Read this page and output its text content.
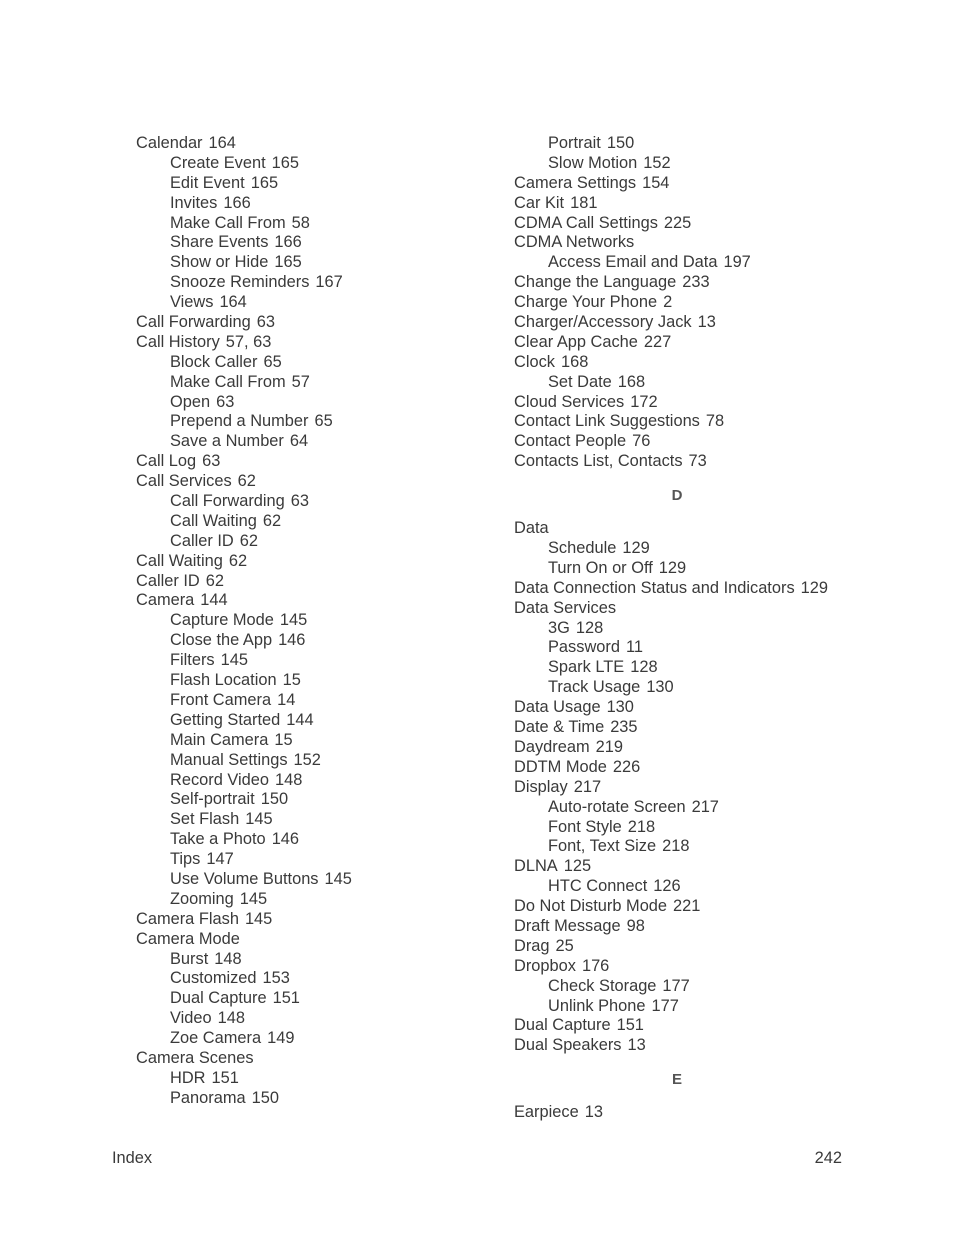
Calendar 164
Create Event 165
Edit Event 165
Invites 166
Make Call From 58
Share Events 166
Show or Hide 165
Snooze Reminders 167
Views 164
Call Forwarding 63
Call History 57, 63
Block Caller 65
Make Call From 57
Open 63
Prepend a Number 65
Save a Number 64
Call Log 63
Call Services 62
Call Forwarding 63
Call Waiting 62
Caller ID 62
Call Waiting 62
Caller ID 62
Camera 144
Capture Mode 145
Close the App 146
Filters 145
Flash Location 15
Front Camera 14
Getting Started 144
Main Camera 15
Manual Settings 152
Record Video 148
Self-portrait 150
Set Flash 145
Take a Photo 146
Tips 147
Use Volume Buttons 145
Zooming 145
Camera Flash 145
Camera Mode
Burst 148
Customized 153
Dual Capture 151
Video 148
Zoe Camera 149
Camera Scenes
HDR 151
Panorama 150
Portrait 150
Slow Motion 152
Camera Settings 154
Car Kit 181
CDMA Call Settings 225
CDMA Networks
Access Email and Data 197
Change the Language 233
Charge Your Phone 2
Charger/Accessory Jack 13
Clear App Cache 227
Clock 168
Set Date 168
Cloud Services 172
Contact Link Suggestions 78
Contact People 76
Contacts List, Contacts 73
D
Data
Schedule 129
Turn On or Off 129
Data Connection Status and Indicators 129
Data Services
3G 128
Password 11
Spark LTE 128
Track Usage 130
Data Usage 130
Date & Time 235
Daydream 219
DDTM Mode 226
Display 217
Auto-rotate Screen 217
Font Style 218
Font, Text Size 218
DLNA 125
HTC Connect 126
Do Not Disturb Mode 221
Draft Message 98
Drag 25
Dropbox 176
Check Storage 177
Unlink Phone 177
Dual Capture 151
Dual Speakers 13
E
Earpiece 13
Index	242
